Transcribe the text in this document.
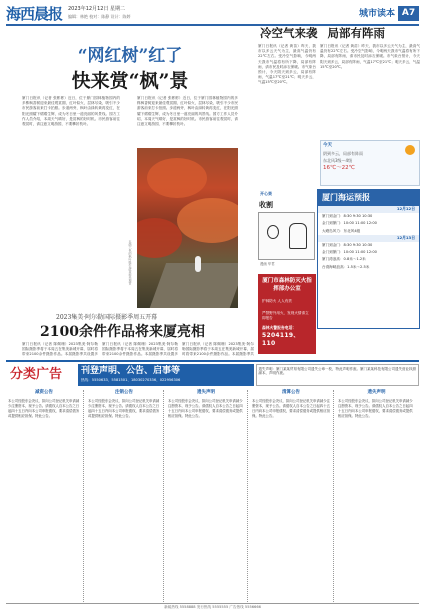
海西晨报 2023年12月12日 星期二
编辑：林艳 校对：陈静 设计：陈婷	城市读本 A7
“网红树”红了
快来赏“枫”景
厦门日报讯（记者 张彬彬）近日，位于厦门园林植物园内的多株枫香树迎来最佳观赏期，红叶似火，层林尽染，吸引不少市民游客前来打卡拍照。步道两旁，枫叶由绿转黄再变红，在阳光照耀下熠熠生辉，成为冬日里一道亮丽的风景线。园方工作人员介绍，本周天气晴好，是赏枫的好时机。市民游客前往观赏时，请注意文明游园，不要攀折枝叶。
厦门日报讯（记者 张彬彬）近日，位于厦门园林植物园内的多株枫香树迎来最佳观赏期，红叶似火，层林尽染，吸引不少市民游客前来打卡拍照。步道两旁，枫叶由绿转黄再变红，在阳光照耀下熠熠生辉，成为冬日里一道亮丽的风景线。园方工作人员介绍，本周天气晴好，是赏枫的好时机。市民游客前往观赏时，请注意文明游园，不要攀折枝叶。
五颜六色的枫叶吸引游客前来观赏
冷空气来袭 局部有阵雨
厦门日报讯（记者 黄苗）昨天，我市以多云天气为主，最高气温仍有22℃左右。受冷空气影响，今明两天我市气温将有所下降，局部有阵雨，请市民及时添衣保暖。市气象台预计，今天阴天到多云，局部有阵雨，气温17℃至21℃；明天多云，气温15℃至20℃。
厦门日报讯（记者 黄苗）昨天，我市以多云天气为主，最高气温仍有22℃左右。受冷空气影响，今明两天我市气温将有所下降，局部有阵雨，请市民及时添衣保暖。市气象台预计，今天阴天到多云，局部有阵雨，气温17℃至21℃；明天多云，气温15℃至20℃。
今天
阴到多云，局部有阵雨
东北风3级～4级
16℃～22℃
开心果
收割
漫画 华君
厦门海运预报
12月12日
厦门到金门：8:30 9:30 10:30
金门到厦门：10:00 11:00 12:00
大嶝岛风力：东北风4级
12月13日
厦门到金门：8:30 9:30 10:30
金门到厦门：10:00 11:00 12:00
厦门湾浪高：0.8米～1.2米
台湾海峡浪高：1.5米～2.5米
厦门市森林防灭火指挥部办公室
护林防火 人人有责
严禁野外用火，发现火情请立即报告
森林火警报告电话：
5204119、110
2023集美·阿尔勒国际摄影季周五开幕
2100余件作品将来厦亮相
厦门日报讯（记者 陈佩珊）2023集美·阿尔勒国际摄影季将于本周五在集美新城开幕，届时将带来2100余件摄影作品。本届摄影季共设置多
厦门日报讯（记者 陈佩珊）2023集美·阿尔勒国际摄影季将于本周五在集美新城开幕，届时将带来2100余件摄影作品。本届摄影季共设置多
厦门日报讯（记者 陈佩珊）2023集美·阿尔勒国际摄影季将于本周五在集美新城开幕，届时将带来2100余件摄影作品。本届摄影季共
分类广告 刊登声明、公告、启事等
热线：5550633、5581501、18030270336、022956306
遗失声明：厦门某某贸易有限公司遗失公章一枚，特此声明作废。厦门某某科技有限公司遗失营业执照副本，声明作废。
减资公告
本公司经股东会决议，拟向公司登记机关申请减少注册资本，现予公告。请债权人自本公告之日起四十五日内向本公司申报债权，要求清偿债务或提供相应担保。特此公告。
注销公告
本公司经股东会决议，拟向公司登记机关申请减少注册资本，现予公告。请债权人自本公告之日起四十五日内向本公司申报债权，要求清偿债务或提供相应担保。特此公告。
遗失声明
本公司经股东会决议，拟向公司登记机关申请减少注册资本，现予公告。请债权人自本公告之日起四十五日内向本公司申报债权，要求清偿债务或提供相应担保。特此公告。
清算公告
本公司经股东会决议，拟向公司登记机关申请减少注册资本，现予公告。请债权人自本公告之日起四十五日内向本公司申报债权，要求清偿债务或提供相应担保。特此公告。
遗失声明
本公司经股东会决议，拟向公司登记机关申请减少注册资本，现予公告。请债权人自本公告之日起四十五日内向本公司申报债权，要求清偿债务或提供相应担保。特此公告。
新闻热线 5558888 发行热线 5555555 广告热线 5556666
